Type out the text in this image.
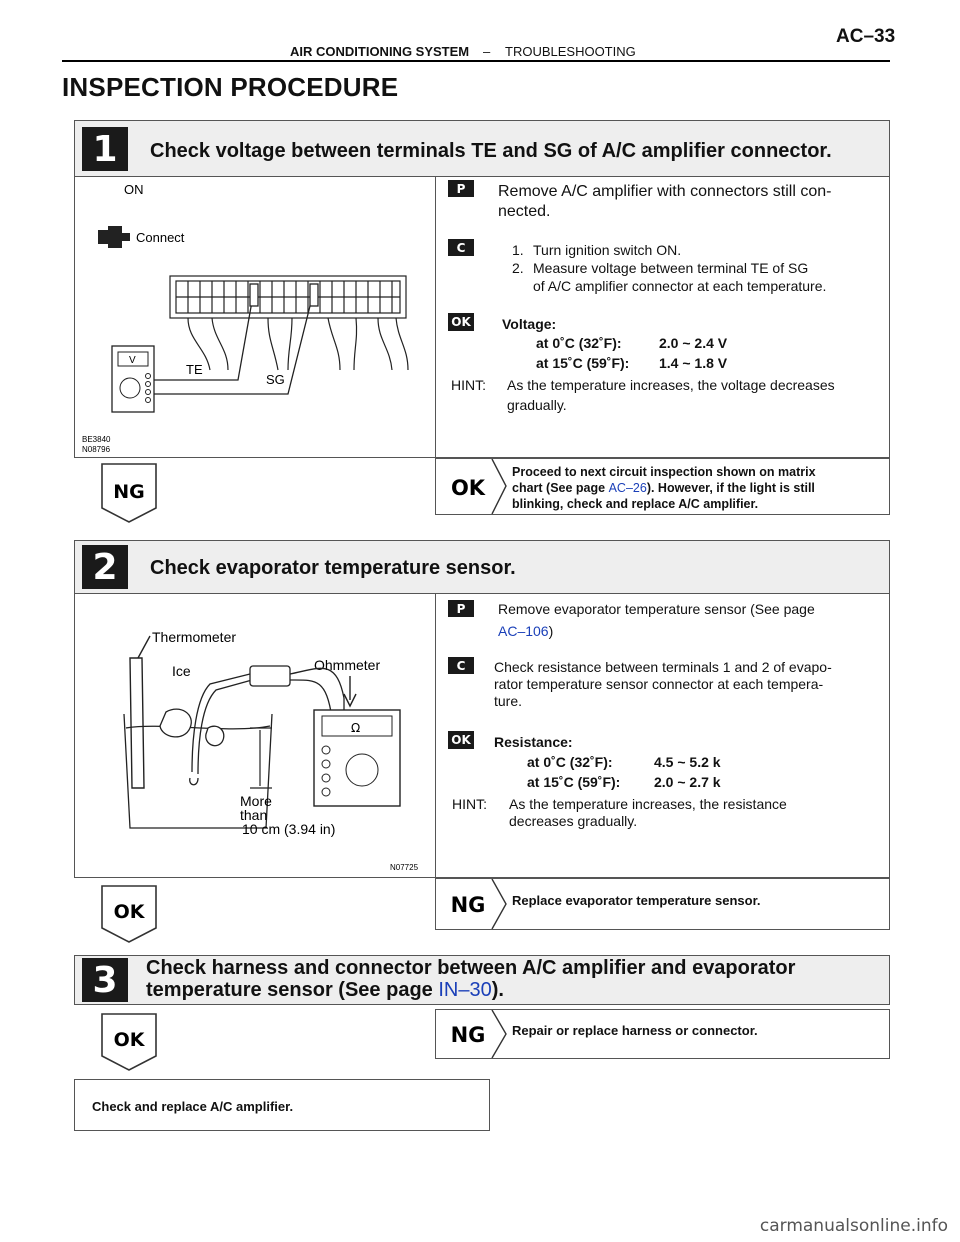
AIR CONDITIONING SYSTEM – TROUBLESHOOTING
AC–33
INSPECTION PROCEDURE
1	Check voltage between terminals TE and SG of A/C amplifier connector.
ON
Connect
V
TE
SG
BE3840
N08796
P	Remove A/C amplifier with connectors still con-
nected.
C	1. Turn ignition switch ON.
2. Measure voltage between terminal TE of SG
of A/C amplifier connector at each temperature.
OK Voltage:
at 0˚C (32˚F):	2.0 ~ 2.4 V
at 15˚C (59˚F): 1.4 ~ 1.8 V
HINT: As the temperature increases, the voltage decreases
gradually.
NG	OK
Proceed to next circuit inspection shown on matrix
chart (See page AC–26). However, if the light is still
blinking, check and replace A/C amplifier.
2	Check evaporator temperature sensor.
Thermometer
Ice	Ohmmeter
Ω
More
than
10 cm (3.94 in)
N07725
P	Remove evaporator temperature sensor (See page
AC–106)
C	Check resistance between terminals 1 and 2 of evapo-
rator temperature sensor connector at each tempera-
ture.
OK Resistance:
at 0˚C (32˚F):	4.5 ~ 5.2 k
at 15˚C (59˚F): 2.0 ~ 2.7 k
HINT: As the temperature increases, the resistance
decreases gradually.
OK	NG Replace evaporator temperature sensor.
3	Check harness and connector between A/C amplifier and evaporator
temperature sensor (See page IN–30).
OK	NG Repair or replace harness or connector.
Check and replace A/C amplifier.
carmanualsonline.info
